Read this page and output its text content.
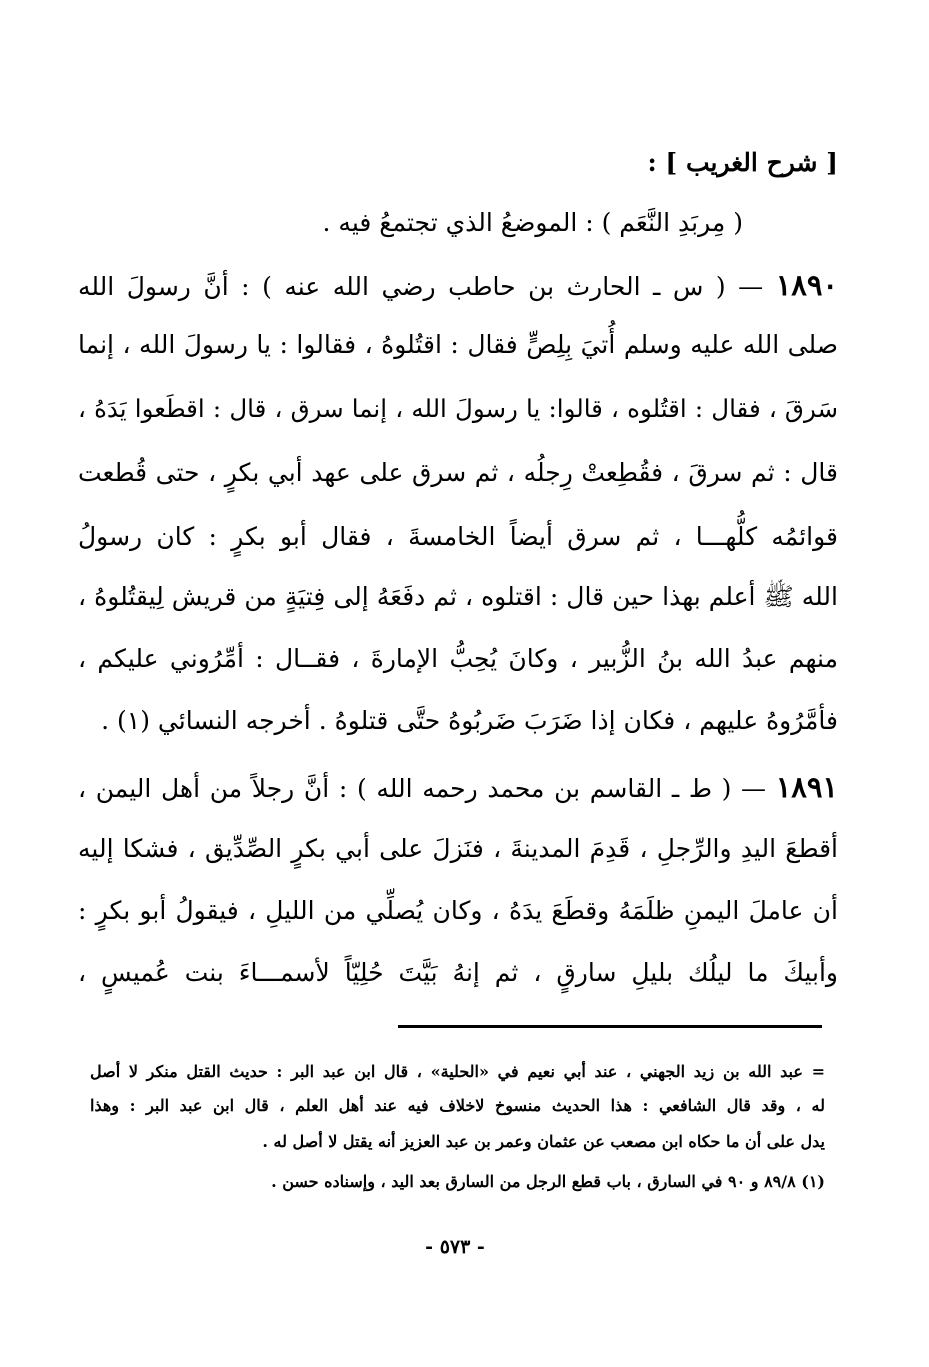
[ شرح الغريب ] :
( مِربَدِ النَّعَم ) : الموضعُ الذي تجتمعُ فيه .
١٨٩٠ — ( س ـ الحارث بن حاطب رضي الله عنه ) : أنَّ رسولَ الله
صلى الله عليه وسلم أُتيَ بِلِصٍّ فقال : اقتُلوهُ ، فقالوا : يا رسولَ الله ، إنما
سَرقَ ، فقال : اقتُلوه ، قالوا: يا رسولَ الله ، إنما سرق ، قال : اقطَعوا يَدَهُ ،
قال : ثم سرقَ ، فقُطِعتْ رِجلُه ، ثم سرق على عهد أبي بكرٍ ، حتى قُطعت
قوائمُه كلُّهـــا ، ثم سرق أيضاً الخامسةَ ، فقال أبو بكرٍ : كان رسولُ
الله ﷺ أعلم بهذا حين قال : اقتلوه ، ثم دفَعَهُ إلى فِتيَةٍ من قريش لِيقتُلوهُ ،
منهم عبدُ الله بنُ الزُّبير ، وكانَ يُحِبُّ الإمارةَ ، فقــال : أمِّرُوني عليكم ،
فأمَّرُوهُ عليهم ، فكان إذا ضَرَبَ ضَربُوهُ حتَّى قتلوهُ . أخرجه النسائي (١) .
١٨٩١ — ( ط ـ القاسم بن محمد رحمه الله ) : أنَّ رجلاً من أهل اليمن ،
أقطعَ اليدِ والرِّجلِ ، قَدِمَ المدينةَ ، فنَزلَ على أبي بكرٍ الصِّدِّيق ، فشكا إليه
أن عاملَ اليمنِ ظلَمَهُ وقطَعَ يدَهُ ، وكان يُصلِّي من الليلِ ، فيقولُ أبو بكرٍ :
وأبيكَ ما ليلُك بليلِ سارقٍ ، ثم إنهُ بَيَّتَ حُلِيّاً لأسمـــاءَ بنت عُميسٍ ،
= عبد الله بن زيد الجهني ، عند أبي نعيم في «الحلية» ، قال ابن عبد البر : حديث القتل منكر لا أصل
له ، وقد قال الشافعي : هذا الحديث منسوخ لاخلاف فيه عند أهل العلم ، قال ابن عبد البر : وهذا
يدل على أن ما حكاه ابن مصعب عن عثمان وعمر بن عبد العزيز أنه يقتل لا أصل له .
(١) ٨٩/٨ و ٩٠ في السارق ، باب قطع الرجل من السارق بعد اليد ، وإسناده حسن .
- ٥٧٣ -
